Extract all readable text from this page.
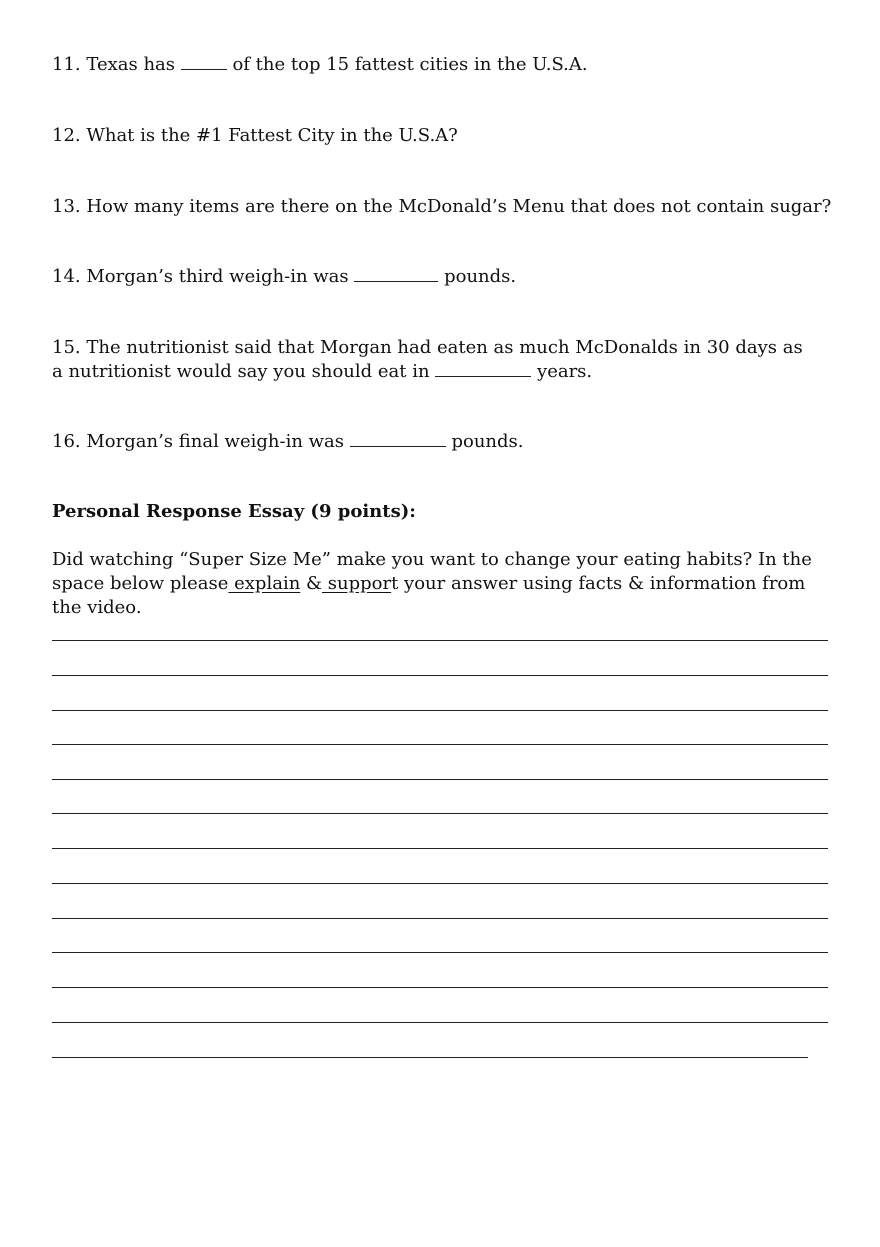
11. Texas has	of the top 15 fattest cities in the U.S.A.
12. What is the #1 Fattest City in the U.S.A?
13. How many items are there on the McDonald’s Menu that does not contain sugar?
14. Morgan’s third weigh-in was	pounds.
15. The nutritionist said that Morgan had eaten as much McDonalds in 30 days as a nutritionist would say you should eat in	years.
16. Morgan’s final weigh-in was	pounds.
Personal Response Essay (9 points):
Did watching “Super Size Me” make you want to change your eating habits? In the space below please explain & support your answer using facts & information from the video.
